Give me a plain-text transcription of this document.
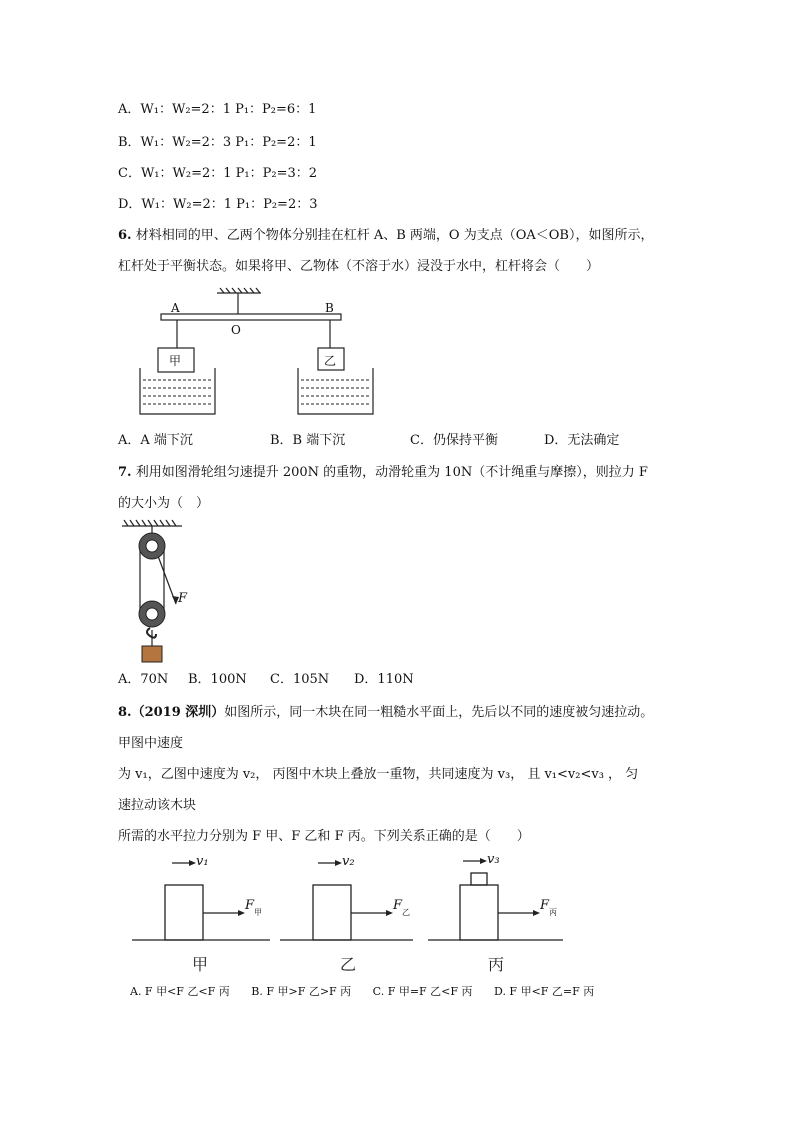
A．W₁：W₂=2：1 P₁：P₂=6：1
B．W₁：W₂=2：3 P₁：P₂=2：1
C．W₁：W₂=2：1 P₁：P₂=3：2
D．W₁：W₂=2：1 P₁：P₂=2：3
6. 材料相同的甲、乙两个物体分别挂在杠杆 A、B 两端，O 为支点（OA＜OB），如图所示，
杠杆处于平衡状态。如果将甲、乙物体（不溶于水）浸没于水中，杠杆将会（　　）
A	B
O
甲	乙
A．A 端下沉	B．B 端下沉	C．仍保持平衡	D．无法确定
7. 利用如图滑轮组匀速提升 200N 的重物，动滑轮重为 10N（不计绳重与摩擦），则拉力 F
的大小为（　）
F
A．70N B．100N C．105N D．110N
8.（2019 深圳）如图所示，同一木块在同一粗糙水平面上，先后以不同的速度被匀速拉动。
甲图中速度
为 v₁，乙图中速度为 v₂， 丙图中木块上叠放一重物，共同速度为 v₃， 且 v₁<v₂<v₃ ， 匀
速拉动该木块
所需的水平拉力分别为 F 甲、F 乙和 F 丙。下列关系正确的是（　　）
v₁	v₂	v₃
F	F	F
甲	乙	丙
甲	乙	丙
A. F 甲<F 乙<F 丙 B. F 甲>F 乙>F 丙 C. F 甲=F 乙<F 丙 D. F 甲<F 乙=F 丙
